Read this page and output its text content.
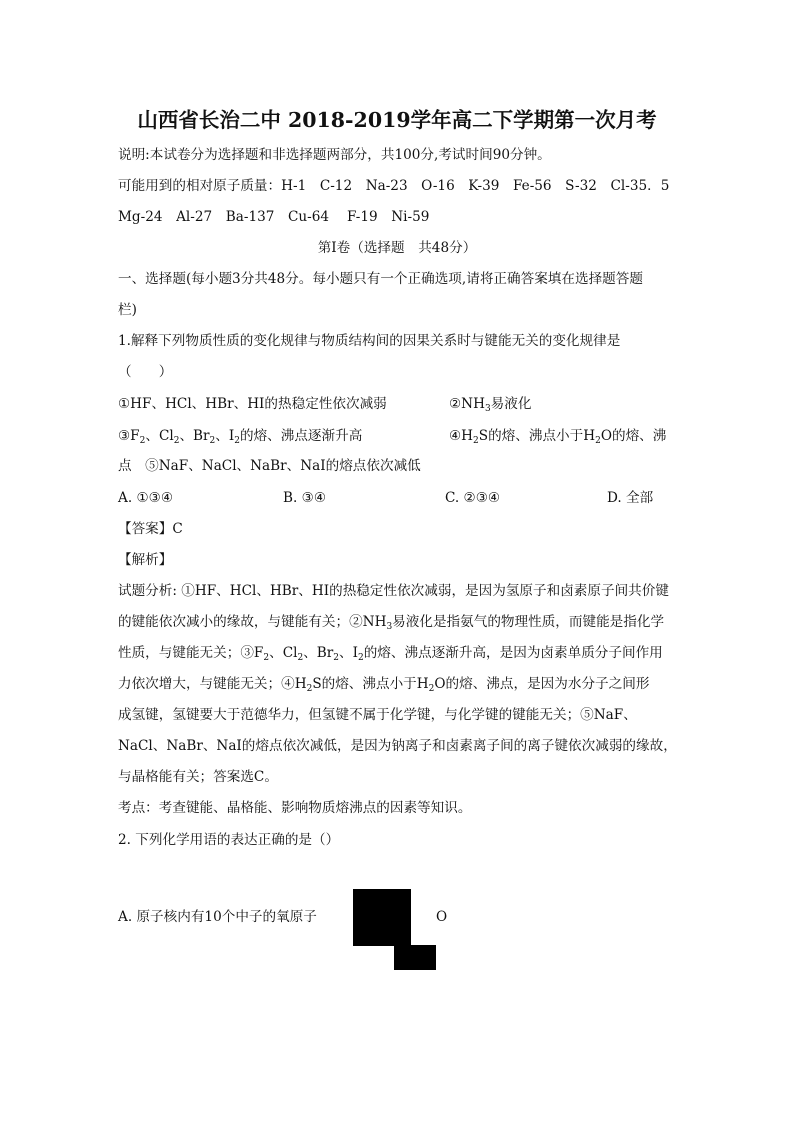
山西省长治二中 2018-2019学年高二下学期第一次月考
说明:本试卷分为选择题和非选择题两部分，共100分,考试时间90分钟。
可能用到的相对原子质量：H-1　C-12　Na-23　O-16　K-39　Fe-56　S-32　Cl-35．5
Mg-24　Al-27　Ba-137　Cu-64　 F-19　Ni-59
第Ⅰ卷（选择题　共48分）
一、选择题(每小题3分共48分。每小题只有一个正确选项,请将正确答案填在选择题答题
栏)
1.解释下列物质性质的变化规律与物质结构间的因果关系时与键能无关的变化规律是
（　　）
①HF、HCl、HBr、HI的热稳定性依次减弱	$②NH_3$易液化
$③F_2$、$Cl_2$、$Br_2$、$I_2$的熔、沸点逐渐升高	$④H_2S$的熔、沸点小于$H_2O$的熔、沸
点　⑤NaF、NaCl、NaBr、NaI的熔点依次减低
A. ①③④	B. ③④	C. ②③④	D. 全部
【答案】C
【解析】
试题分析: ①HF、HCl、HBr、HI的热稳定性依次减弱，是因为氢原子和卤素原子间共价键
的键能依次减小的缘故，与键能有关；$②NH_3$易液化是指氨气的物理性质，而键能是指化学
性质，与键能无关；$③F_2$、$Cl_2$、$Br_2$、$I_2$的熔、沸点逐渐升高，是因为卤素单质分子间作用
力依次增大，与键能无关；$④H_2S$的熔、沸点小于$H_2O$的熔、沸点，是因为水分子之间形
成氢键，氢键要大于范德华力，但氢键不属于化学键，与化学键的键能无关；⑤NaF、
NaCl、NaBr、NaI的熔点依次减低，是因为钠离子和卤素离子间的离子键依次减弱的缘故，
与晶格能有关；答案选C。
考点：考查键能、晶格能、影响物质熔沸点的因素等知识。
2. 下列化学用语的表达正确的是（）
A. 原子核内有10个中子的氧原子	O
